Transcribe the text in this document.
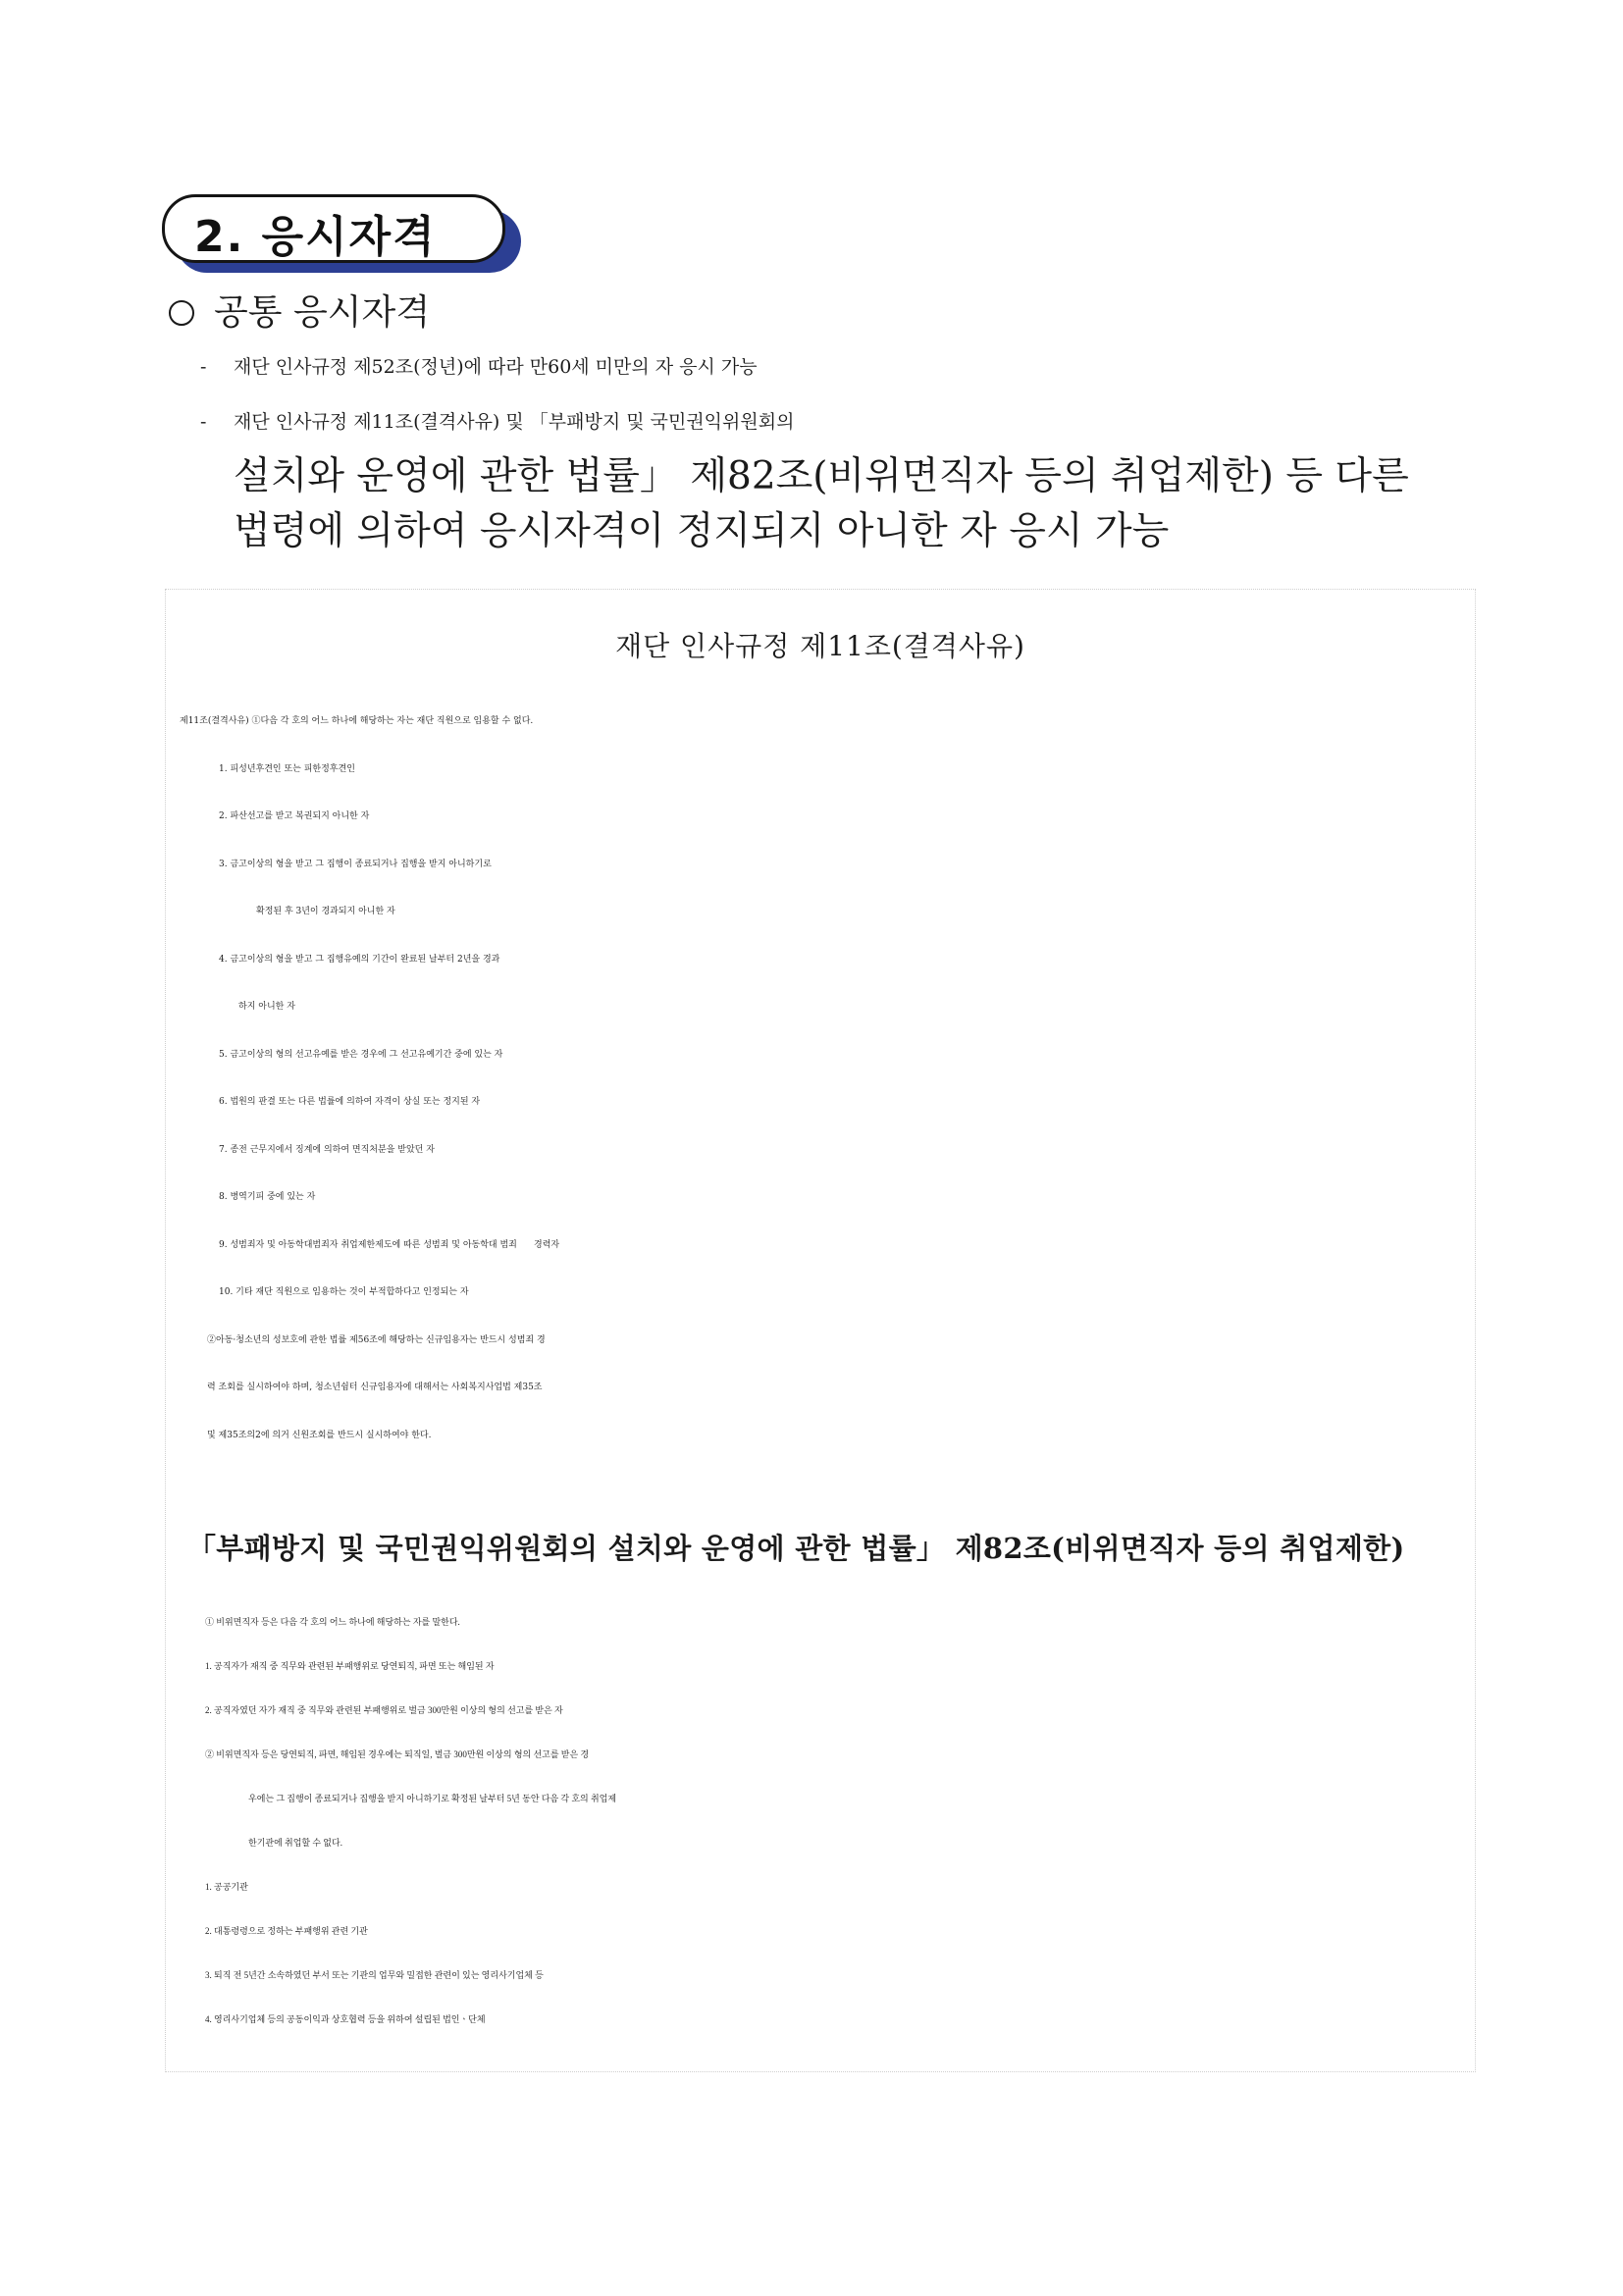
2. 응시자격
공통 응시자격
-	재단 인사규정 제52조(정년)에 따라 만60세 미만의 자 응시 가능
-	재단 인사규정 제11조(결격사유) 및 「부패방지 및 국민권익위원회의
설치와 운영에 관한 법률」 제82조(비위면직자 등의 취업제한) 등 다른
법령에 의하여 응시자격이 정지되지 아니한 자 응시 가능
재단 인사규정 제11조(결격사유)
제11조(결격사유) ①다음 각 호의 어느 하나에 해당하는 자는 재단 직원으로 임용할 수 없다.
1. 피성년후견인 또는 피한정후견인
2. 파산선고를 받고 복권되지 아니한 자
3. 금고이상의 형을 받고 그 집행이 종료되거나 집행을 받지 아니하기로
확정된 후 3년이 경과되지 아니한 자
4. 금고이상의 형을 받고 그 집행유예의 기간이 완료된 날부터 2년을 경과
하지 아니한 자
5. 금고이상의 형의 선고유예를 받은 경우에 그 선고유예기간 중에 있는 자
6. 법원의 판결 또는 다른 법률에 의하여 자격이 상실 또는 정지된 자
7. 종전 근무지에서 징계에 의하여 면직처분을 받았던 자
8. 병역기피 중에 있는 자
9. 성범죄자 및 아동학대범죄자 취업제한제도에 따른 성범죄 및 아동학대 범죄      경력자
10. 기타 재단 직원으로 임용하는 것이 부적합하다고 인정되는 자
②아동·청소년의 성보호에 관한 법률 제56조에 해당하는 신규임용자는 반드시 성범죄 경
력 조회를 실시하여야 하며, 청소년쉼터 신규임용자에 대해서는 사회복지사업법 제35조
및 제35조의2에 의거 신원조회를 반드시 실시하여야 한다.
「부패방지 및 국민권익위원회의 설치와 운영에 관한 법률」 제82조(비위면직자 등의 취업제한)
① 비위면직자 등은 다음 각 호의 어느 하나에 해당하는 자를 말한다.
1. 공직자가 재직 중 직무와 관련된 부패행위로 당연퇴직, 파면 또는 해임된 자
2. 공직자였던 자가 재직 중 직무와 관련된 부패행위로 벌금 300만원 이상의 형의 선고를 받은 자
② 비위면직자 등은 당연퇴직, 파면, 해임된 경우에는 퇴직일, 벌금 300만원 이상의 형의 선고를 받은 경
우에는 그 집행이 종료되거나 집행을 받지 아니하기로 확정된 날부터 5년 동안 다음 각 호의 취업제
한기관에 취업할 수 없다.
1. 공공기관
2. 대통령령으로 정하는 부패행위 관련 기관
3. 퇴직 전 5년간 소속하였던 부서 또는 기관의 업무와 밀접한 관련이 있는 영리사기업체 등
4. 영리사기업체 등의 공동이익과 상호협력 등을 위하여 설립된 법인ㆍ단체
